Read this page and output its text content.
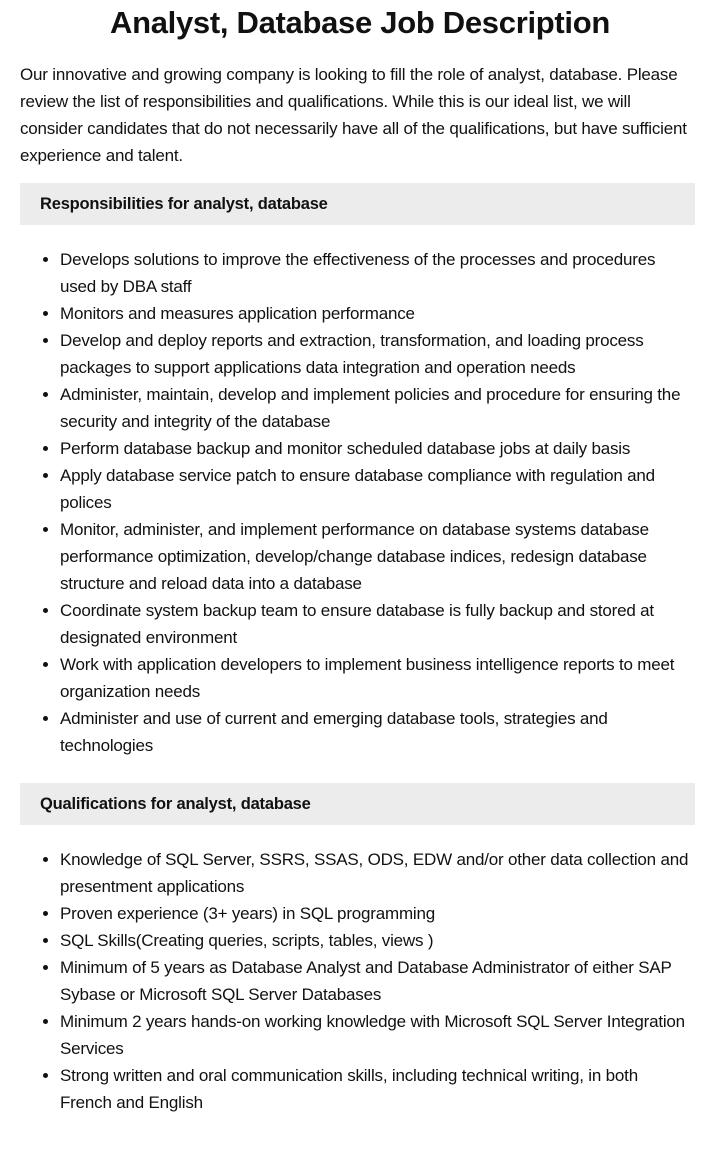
Analyst, Database Job Description

Our innovative and growing company is looking to fill the role of analyst, database. Please review the list of responsibilities and qualifications. While this is our ideal list, we will consider candidates that do not necessarily have all of the qualifications, but have sufficient experience and talent.

Responsibilities for analyst, database
• Develops solutions to improve the effectiveness of the processes and procedures used by DBA staff
• Monitors and measures application performance
• Develop and deploy reports and extraction, transformation, and loading process packages to support applications data integration and operation needs
• Administer, maintain, develop and implement policies and procedure for ensuring the security and integrity of the database
• Perform database backup and monitor scheduled database jobs at daily basis
• Apply database service patch to ensure database compliance with regulation and polices
• Monitor, administer, and implement performance on database systems database performance optimization, develop/change database indices, redesign database structure and reload data into a database
• Coordinate system backup team to ensure database is fully backup and stored at designated environment
• Work with application developers to implement business intelligence reports to meet organization needs
• Administer and use of current and emerging database tools, strategies and technologies
Qualifications for analyst, database
• Knowledge of SQL Server, SSRS, SSAS, ODS, EDW and/or other data collection and presentment applications
• Proven experience (3+ years) in SQL programming
• SQL Skills(Creating queries, scripts, tables, views )
• Minimum of 5 years as Database Analyst and Database Administrator of either SAP Sybase or Microsoft SQL Server Databases
• Minimum 2 years hands-on working knowledge with Microsoft SQL Server Integration Services
• Strong written and oral communication skills, including technical writing, in both French and English
